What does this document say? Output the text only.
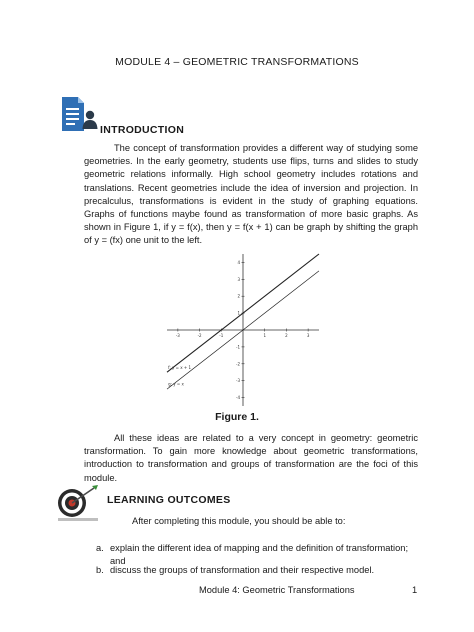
MODULE 4 – GEOMETRIC TRANSFORMATIONS
INTRODUCTION
The concept of transformation provides a different way of studying some geometries. In the early geometry, students use flips, turns and slides to study geometric relations informally. High school geometry includes rotations and translations. Recent geometries include the idea of inversion and projection. In precalculus, transformations is evident in the study of graphing equations. Graphs of functions maybe found as transformation of more basic graphs. As shown in Figure 1, if y = f(x), then y = f(x + 1) can be graph by shifting the graph of y = (fx) one unit to the left.
-3	-2	-1	1	2	3
4
3
2
1
-1
-2
-3
-4
f: y = x + 1
g: y = x
Figure 1.
All these ideas are related to a very concept in geometry: geometric transformation. To gain more knowledge about geometric transformations, introduction to transformation and groups of transformation are the foci of this module.
LEARNING OUTCOMES
After completing this module, you should be able to:
a. explain the different idea of mapping and the definition of transformation; and
b. discuss the groups of transformation and their respective model.
Module 4: Geometric Transformations	1
